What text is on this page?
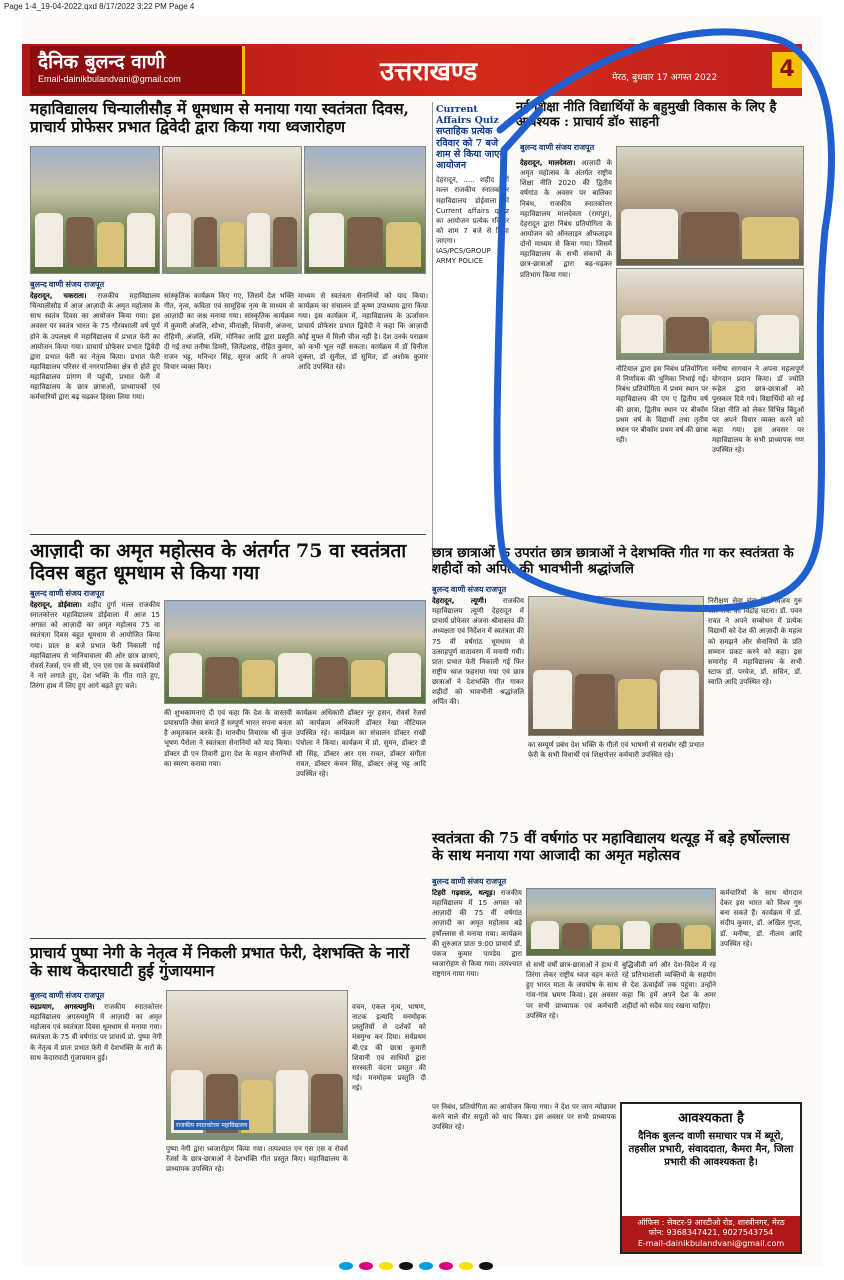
Page 1-4_19-04-2022.qxd 8/17/2022 3:22 PM Page 4
दैनिक बुलन्द वाणी
Email-dainikbulandvani@gmail.com	उत्तराखण्ड	मेरठ, बुधवार 17 अगस्त 2022	4
महाविद्यालय चिन्यालीसौड़ में धूमधाम से मनाया गया स्वतंत्रता दिवस, प्राचार्य प्रोफेसर प्रभात द्विवेदी द्वारा किया गया ध्वजारोहण
बुलन्द वाणी संजय राजपूत
देहरादून, चकराता। राजकीय महाविद्यालय चिन्यालीसौड़ में आज आज़ादी के अमृत महोत्सव के साथ स्वतंत्र दिवस का आयोजन किया गया। इस अवसर पर स्वतंत्र भारत के 75 गौरवशाली वर्ष पूर्ण होने के उपलक्ष्य में महाविद्यालय में प्रभात फेरी का आयोजन किया गया। प्राचार्य प्रोफेसर प्रभात द्विवेदी द्वारा प्रभात फेरी का नेतृत्व किया। प्रभात फेरी महाविद्यालय परिसर से नगरपालिका क्षेत्र से होते हुए महाविद्यालय प्रांगण में पहुंची, प्रभात फेरी में महाविद्यालय के छात्र छात्राओं, प्राध्यापकों एवं कर्मचारियों द्वारा बढ़ चढ़कर हिस्सा लिया गया।
सांस्कृतिक कार्यक्रम किए गए, जिसमें देश भक्ति गीत, नृत्य, कविता एवं सामूहिक नृत्य के माध्यम से आज़ादी का जश्न मनाया गया। सांस्कृतिक कार्यक्रम में कुमारी अंजलि, शोभा, मीनाक्षी, शिवानी, अंजना, रोहिणी, अंजलि, रश्मि, मोनिका आदि द्वारा प्रस्तुति दी गई तथा तनीषा डिमरी, जितेंद्रशाह, रोहित कुमार, राजन भट्ट, मनिन्दर सिंह, सूरज आदि ने अपने विचार व्यक्त किए।
माध्यम से स्वतंत्रता सेनानियों को याद किया। कार्यक्रम का संचालन डॉ कृष्ण उपाध्याय द्वारा किया गया। इस कार्यक्रम में, महाविद्यालय के ऊर्जावान प्राचार्य प्रोफेसर प्रभात द्विवेदी ने कहा कि आज़ादी कोई मुफ्त में मिली चीज नहीं है। देश उनके पराक्रम को कभी भूल नहीं सकता। कार्यक्रम में डॉ विनीता शुक्ला, डॉ सुनील, डॉ सुमित, डॉ अशोक कुमार आदि उपस्थित रहे।
Current Affairs Quiz सप्ताहिक प्रत्येक रविवार को 7 बजे शाम से किया जाएगा आयोजन
देहरादून, ..... शहीद दुर्गा मल्ल राजकीय स्नातकोत्तर महाविद्यालय डोईवाला में Current affairs quiz का आयोजन प्रत्येक रविवार को शाम 7 बजे से किया जाएगा। IAS/PCS/GROUP ARMY POLICE
नई शिक्षा नीति विद्यार्थियों के बहुमुखी विकास के लिए है आवश्यक : प्राचार्य डॉ० साहनी
बुलन्द वाणी संजय राजपूत
देहरादून, मालदेवता। आज़ादी के अमृत महोत्सव के अंतर्गत राष्ट्रीय शिक्षा नीति 2020 की द्वितीय वर्षगांठ के अवसर पर बालिका निबंध, राजकीय स्नातकोत्तर महाविद्यालय मालदेवता (रायपुर), देहरादून द्वारा निबंध प्रतियोगिता के आयोजन को ऑनलाइन ऑफलाइन दोनों माध्यम से किया गया। जिसमें महाविद्यालय के सभी संकायों के छात्र-छात्राओं द्वारा बढ़-चढ़कर प्रतिभाग किया गया।
नौटियाल द्वारा इस निबंध प्रतियोगिता में निर्णायक की भूमिका निभाई गई। निबंध प्रतियोगिता में प्रथम स्थान पर महाविद्यालय की एम ए द्वितीय वर्ष की छात्रा, द्वितीय स्थान पर बीकॉम प्रथम वर्ष के विद्यार्थी तथा तृतीय स्थान पर बीकॉम प्रथम वर्ष की छात्रा रही।
मनीषा सागवान ने अपना महत्वपूर्ण योगदान प्रदान किया। डॉ ज्योति रूहेल द्वारा छात्र-छात्राओं को पुरस्कार दिये गये। विद्यार्थियों को नई शिक्षा नीति को लेकर विभिन्न बिंदुओं पर अपने विचार व्यक्त करने को कहा गया। इस अवसर पर महाविद्यालय के सभी प्राध्यापक गण उपस्थित रहे।
आज़ादी का अमृत महोत्सव के अंतर्गत 75 वा स्वतंत्रता दिवस बहुत धूमधाम से किया गया
बुलन्द वाणी संजय राजपूत
देहरादून, डोईवाला। शहीद दुर्गा मल्ल राजकीय स्नातकोत्तर महाविद्यालय डोईवाला में आज 15 अगस्त को आज़ादी का अमृत महोत्सव 75 वा स्वतंत्रता दिवस बहुत धूमधाम से आयोजित किया गया। प्रातः 8 बजे प्रभात फेरी निकाली गई महाविद्यालय से भानियावाला की ओर छात्र छात्राएं, रोवर्स रेंजर्स, एन सी सी, एन एस एस के स्वयंसेवियों ने नारे लगाते हुए, देश भक्ति के गीत गाते हुए, तिरंगा हाथ में लिए हुए आगे बढ़ते हुए चले।
की शुभकामनाएं दी एवं कहा कि देश के वास्तवी प्रयासपति जैसा बनाते हैं सम्पूर्ण भारत सपना बनता है अमृतकाल करके हैं। मानवीय विचारक श्री कुंज भूषण पैरोला ने स्वतंत्रता सेनानियों को याद किया। डॉक्टर डी एन तिवारी द्वारा देश के महान सेनानियों का स्मरण कराया गया।
कार्यक्रम अधिकारी डॉक्टर नूर हसन, रोवर्स रेंजर्स को कार्यक्रम अधिकारी डॉक्टर रेखा नौटियाल उपस्थित रहे। कार्यक्रम का संचालन डॉक्टर राखी पंचोला ने किया। कार्यक्रम में प्रो. सुमन, डॉक्टर डी सी सिंह, डॉक्टर आर एस रावत, डॉक्टर संगीता रावत, डॉक्टर कंचन सिंह, डॉक्टर अंजू भट्ट आदि उपस्थित रहे।
छात्र छात्राओं के उपरांत छात्र छात्राओं ने देशभक्ति गीत गा कर स्वतंत्रता के शहीदों को अर्पित की भावभीनी श्रद्धांजलि
बुलन्द वाणी संजय राजपूत
देहरादून, त्यूणी। राजकीय महाविद्यालय त्यूणी देहरादून में प्राचार्य प्रोफेसर अंजना श्रीवास्तव की अध्यक्षता एवं निर्देशन में स्वतंत्रता की 75 वीं वर्षगांठ धूमधाम से उत्साहपूर्ण वातावरण में मनायी गयी। प्रातः प्रभात फेरी निकाली गई फिर राष्ट्रीय ध्वज फहराया गया एवं छात्र छात्राओं ने देशभक्ति गीत गाकर शहीदों को भावभीनी श्रद्धांजलि अर्पित की।
का सम्पूर्ण प्रबंध देश भक्ति के गीतों एवं भाषणों से सराबोर रही प्रभात फेरी के सभी विधार्थी एवं शिक्षणेत्तर कर्मचारी उपस्थित रहे।
निरीक्षण सेवा चंद्रा सिंह विजय गुरु और सेवा की विद्रोह घटना। डॉ. पवन रावत ने अपने सम्बोधन में प्रत्येक विद्यार्थी को देश की आज़ादी के महत्व को समझने और सेनानियों के प्रति सम्मान प्रकट करने को कहा। इस समारोह में महाविद्यालय के सभी स्टाफ डॉ. परवेज, डॉ. सचिन, डॉ. स्वाति आदि उपस्थित रहे।
स्वतंत्रता की 75 वीं वर्षगांठ पर महाविद्यालय थत्यूड़ में बड़े हर्षोल्लास के साथ मनाया गया आजादी का अमृत महोत्सव
बुलन्द वाणी संजय राजपूत
टिहरी गढ़वाल, थत्यूड़। राजकीय महाविद्यालय में 15 अगस्त को आज़ादी की 75 वीं वर्षगांठ आज़ादी का अमृत महोत्सव बड़े हर्षोल्लास से मनाया गया। कार्यक्रम की शुरुआत प्रातः 9:00 प्राचार्य डॉ. पंकज कुमार पाण्डेय द्वारा ध्वजारोहण से किया गया। तत्पश्चात राष्ट्रगान गाया गया।
से सभी वर्षों छात्र-छात्राओं ने हाथ में तिरंगा लेकर राष्ट्रीय ध्वज वहन करते हुए भारत माता के जयघोष के साथ गांव-गांव भ्रमण किया। इस अवसर पर सभी प्राध्यापक एवं कर्मचारी उपस्थित रहे।
बुद्धिजीवी वर्ग और देश-विदेश में रह रहे प्रतिभाशाली व्यक्तियों के सहयोग से देश ऊंचाईयों तक पहुंचा। उन्होंने कहा कि हमें अपने देश के अमर शहीदों को सदैव याद रखना चाहिए।
कर्मचारियों के साथ योगदान देकर इस भारत को विश्व गुरु बना सकते हैं। कार्यक्रम में डॉ. संदीप कुमार, डॉ. अखिल गुप्ता, डॉ. मनीषा, डॉ. नीलम आदि उपस्थित रहे।
प्राचार्य पुष्पा नेगी के नेतृत्व में निकली प्रभात फेरी, देशभक्ति के नारों के साथ केदारघाटी हुई गुंजायमान
बुलन्द वाणी संजय राजपूत
रुद्रप्रयाग, अगस्त्यमुनि। राजकीय स्नातकोत्तर महाविद्यालय अगस्त्यमुनि में आज़ादी का अमृत महोत्सव एवं स्वतंत्रता दिवस धूमधाम से मनाया गया। स्वतंत्रता के 75 वीं वर्षगांठ पर प्राचार्य प्रो. पुष्पा नेगी के नेतृत्व में प्रातः प्रभात फेरी में देशभक्ति के नारों के साथ केदारघाटी गुंजायमान हुई।
राजकीय स्नातकोत्तर महाविद्यालय
पुष्पा नेगी द्वारा ध्वजारोहण किया गया। तत्पश्चात एन एस एस व रोवर्स रेंजर्स के छात्र-छात्राओं ने देशभक्ति गीत प्रस्तुत किए। महाविद्यालय के प्राध्यापक उपस्थित रहे।
वचन, एकल नृत्य, भाषण, नाटक इत्यादि मनमोहक प्रस्तुतियों से दर्शकों को मंत्रमुग्ध कर दिया। सर्वप्रथम बी.एड की छात्रा कुमारी शिवानी एवं साथियों द्वारा सरस्वती वंदना प्रस्तुत की गई। मनमोहक प्रस्तुति दी गई।
पर निबंध, प्रतियोगिता का आयोजन किया गया। ने देश पर जान न्योछावर करने वाले वीर सपूतों को याद किया। इस अवसर पर सभी प्राध्यापक उपस्थित रहे।
आवश्यकता है
दैनिक बुलन्द वाणी समाचार पत्र में ब्यूरो, तहसील प्रभारी, संवाददाता, कैमरा मैन, जिला प्रभारी की आवश्यकता है।
ऑफिस : सेक्टर-9 आरटीओ रोड, शास्त्रीनगर, मेरठ
फोन: 9368347421, 9027543754
E-mail-dainikbulandvani@gmail.com
